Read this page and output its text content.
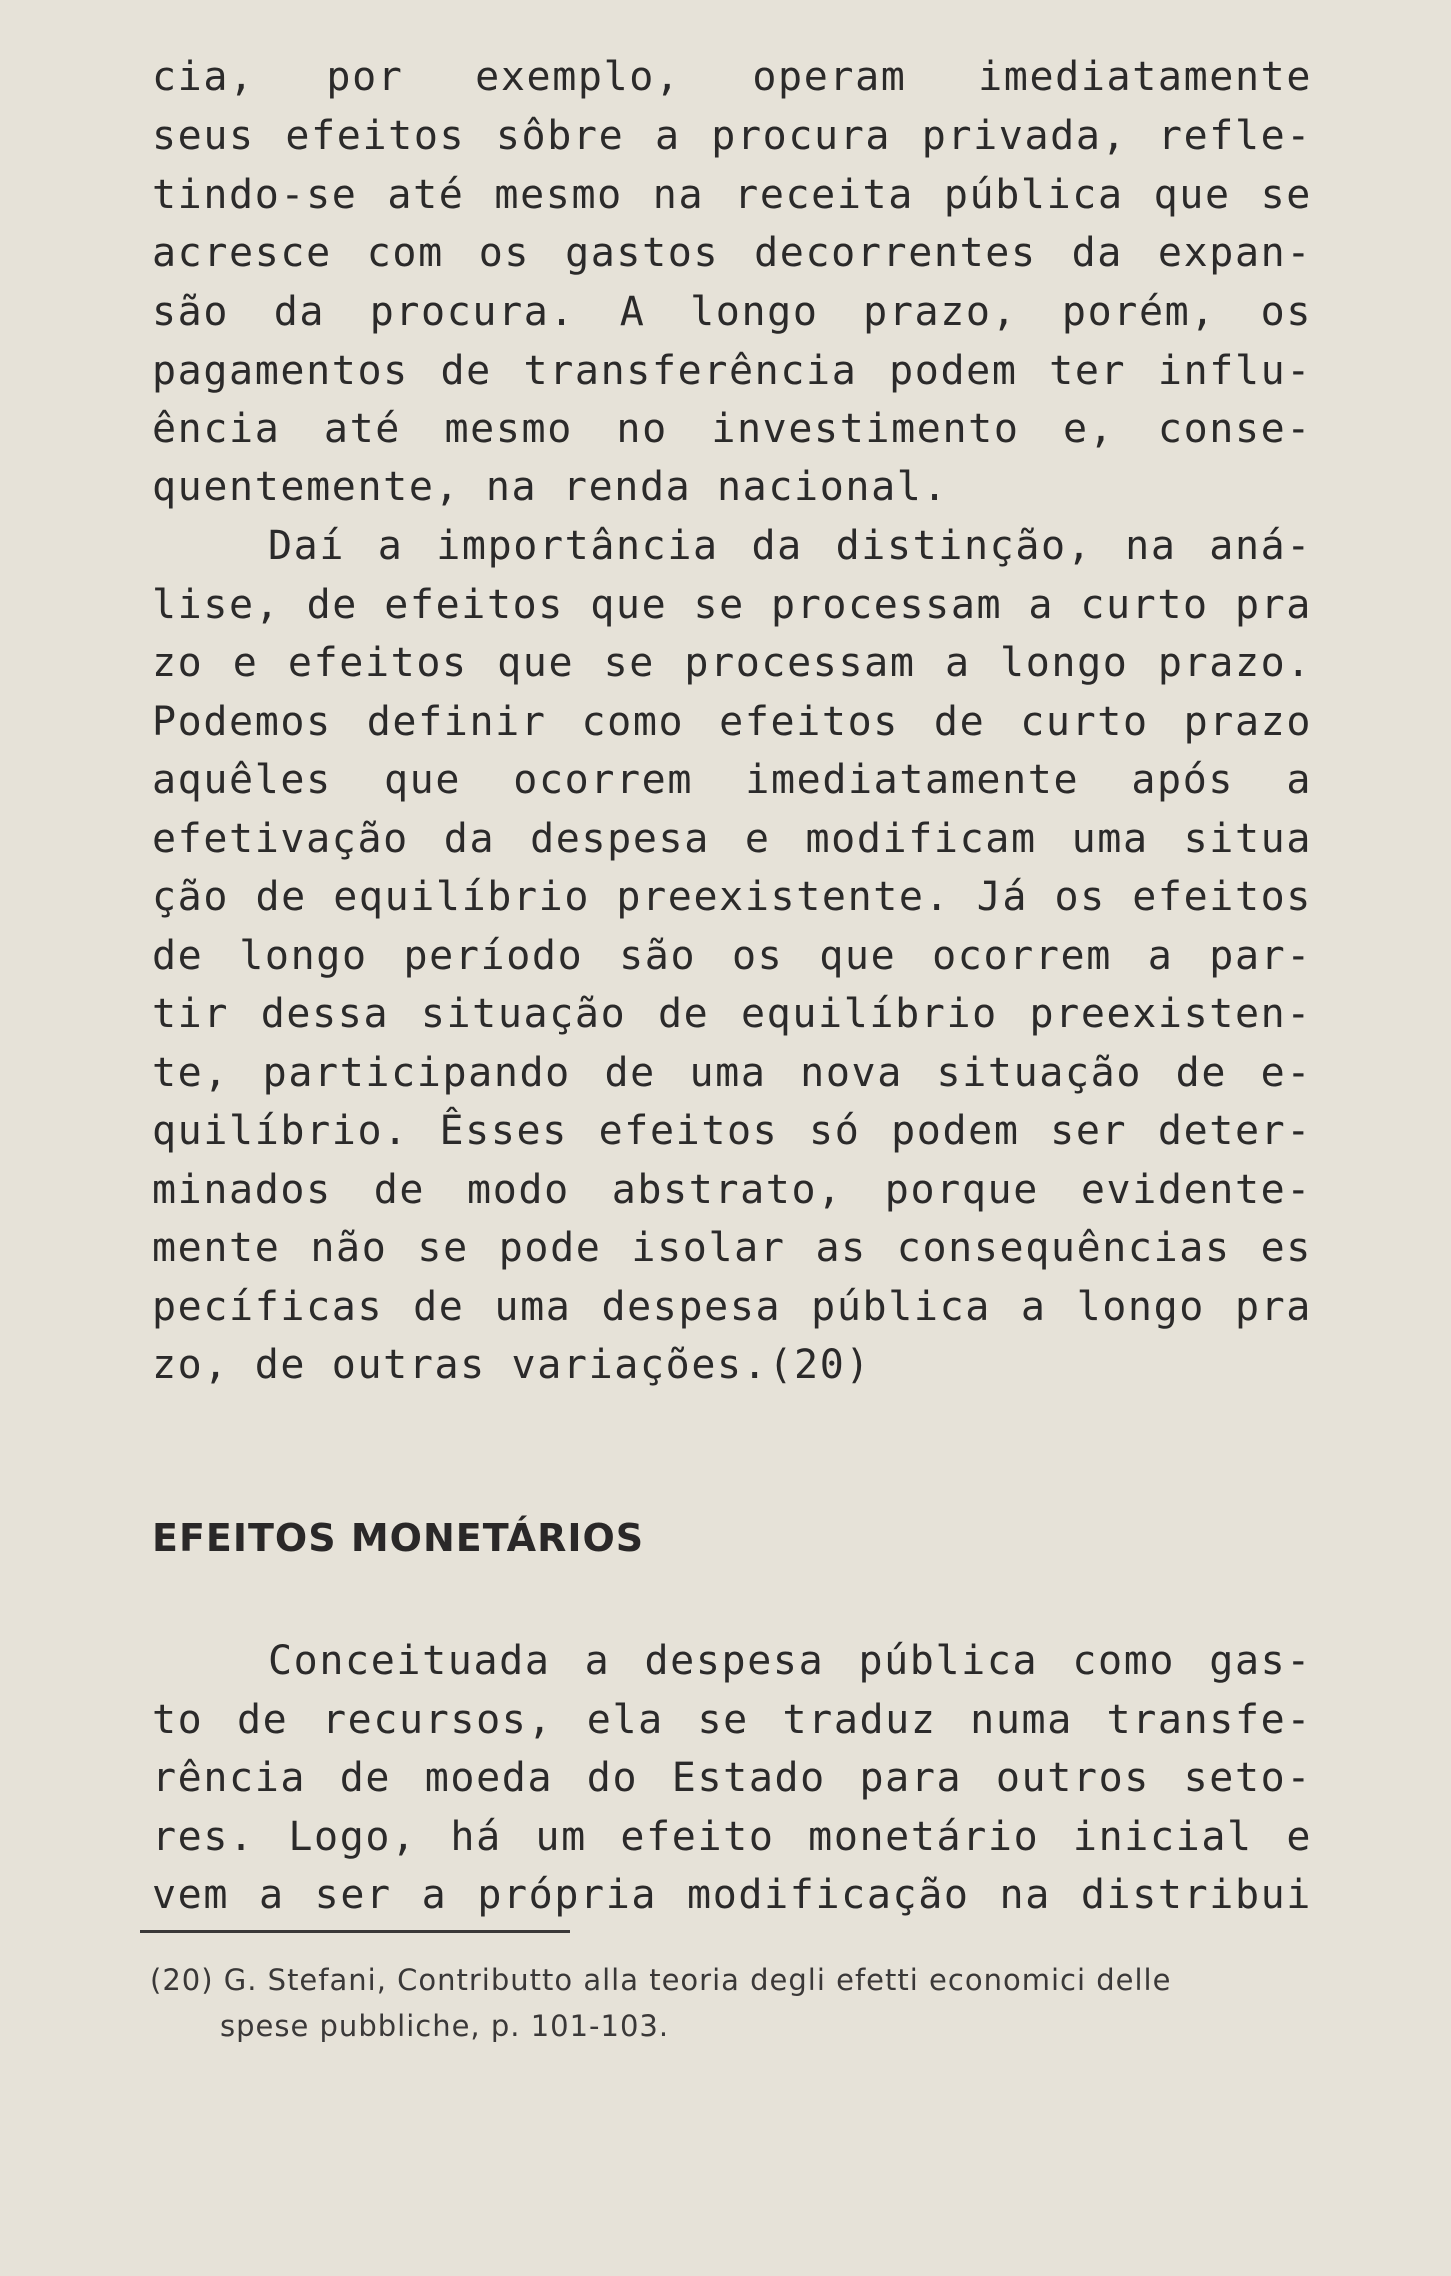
cia, por exemplo, operam imediatamente
seus efeitos sôbre a procura privada, refle-
tindo-se até mesmo na receita pública que se
acresce com os gastos decorrentes da expan-
são da procura. A longo prazo, porém, os
pagamentos de transferência podem ter influ-
ência até mesmo no investimento e, conse-
quentemente, na renda nacional.
Daí a importância da distinção, na aná-
lise, de efeitos que se processam a curto pra
zo e efeitos que se processam a longo prazo.
Podemos definir como efeitos de curto prazo
aquêles que ocorrem imediatamente após a
efetivação da despesa e modificam uma situa
ção de equilíbrio preexistente. Já os efeitos
de longo período são os que ocorrem a par-
tir dessa situação de equilíbrio preexisten-
te, participando de uma nova situação de e-
quilíbrio. Êsses efeitos só podem ser deter-
minados de modo abstrato, porque evidente-
mente não se pode isolar as consequências es
pecíficas de uma despesa pública a longo pra
zo, de outras variações.(20)
EFEITOS MONETÁRIOS
Conceituada a despesa pública como gas-
to de recursos, ela se traduz numa transfe-
rência de moeda do Estado para outros seto-
res. Logo, há um efeito monetário inicial e
vem a ser a própria modificação na distribui
(20) G. Stefani, Contributto alla teoria degli efetti economici delle
spese pubbliche, p. 101-103.
